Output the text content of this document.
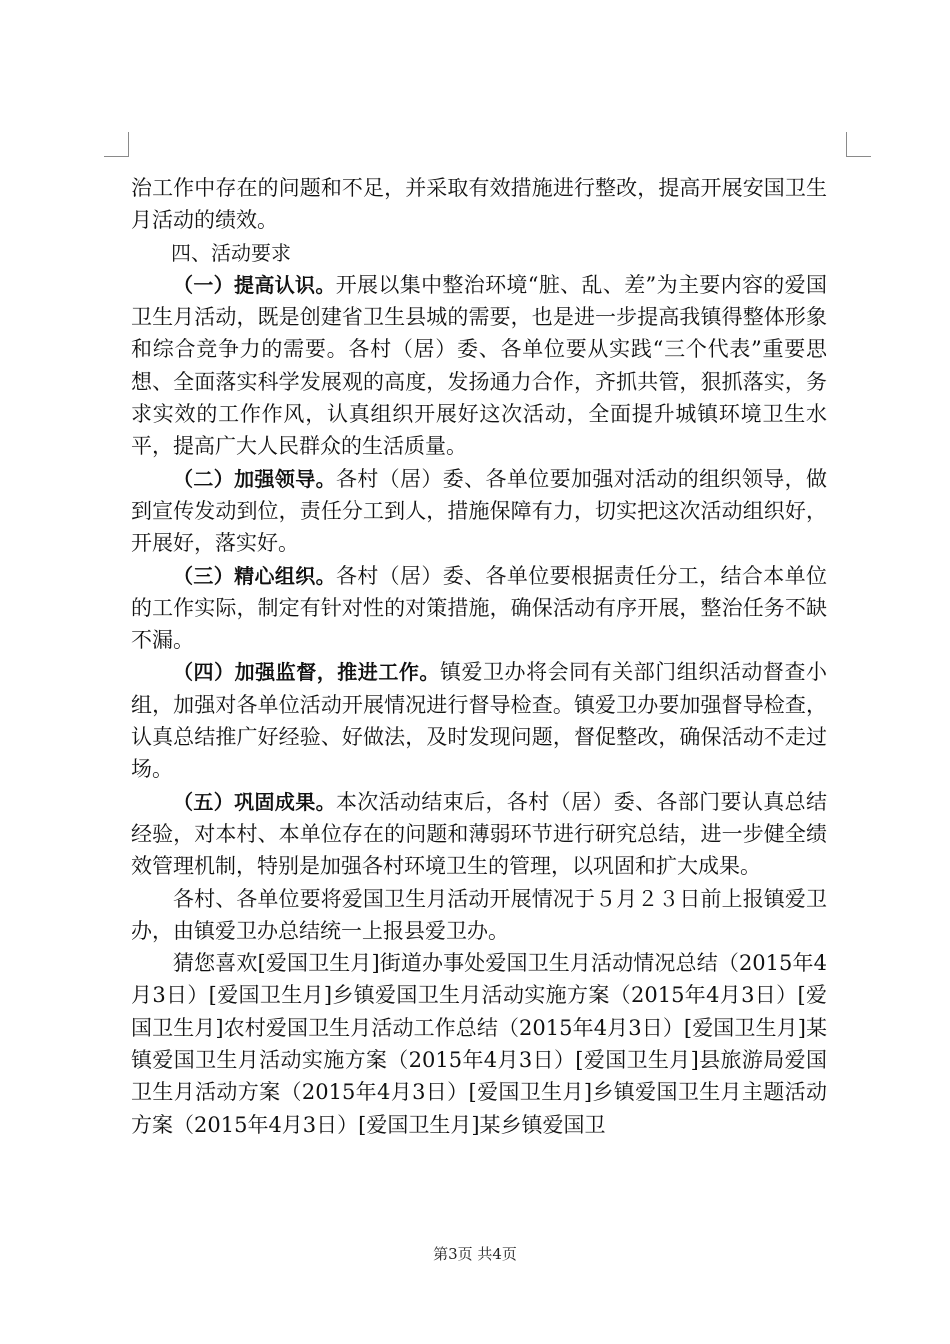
治工作中存在的问题和不足，并采取有效措施进行整改，提高开展安国卫生月活动的绩效。

四、活动要求

（一）提高认识。开展以集中整治环境“脏、乱、差”为主要内容的爱国卫生月活动，既是创建省卫生县城的需要，也是进一步提高我镇得整体形象和综合竞争力的需要。各村（居）委、各单位要从实践“三个代表”重要思想、全面落实科学发展观的高度，发扬通力合作，齐抓共管，狠抓落实，务求实效的工作作风，认真组织开展好这次活动，全面提升城镇环境卫生水平，提高广大人民群众的生活质量。

（二）加强领导。各村（居）委、各单位要加强对活动的组织领导，做到宣传发动到位，责任分工到人，措施保障有力，切实把这次活动组织好，开展好，落实好。

（三）精心组织。各村（居）委、各单位要根据责任分工，结合本单位的工作实际，制定有针对性的对策措施，确保活动有序开展，整治任务不缺不漏。

（四）加强监督，推进工作。镇爱卫办将会同有关部门组织活动督查小组，加强对各单位活动开展情况进行督导检查。镇爱卫办要加强督导检查，认真总结推广好经验、好做法，及时发现问题，督促整改，确保活动不走过场。

（五）巩固成果。本次活动结束后，各村（居）委、各部门要认真总结经验，对本村、本单位存在的问题和薄弱环节进行研究总结，进一步健全绩效管理机制，特别是加强各村环境卫生的管理，以巩固和扩大成果。

各村、各单位要将爱国卫生月活动开展情况于５月２３日前上报镇爱卫办，由镇爱卫办总结统一上报县爱卫办。

猜您喜欢[爱国卫生月]街道办事处爱国卫生月活动情况总结（2015年4月3日）[爱国卫生月]乡镇爱国卫生月活动实施方案（2015年4月3日）[爱国卫生月]农村爱国卫生月活动工作总结（2015年4月3日）[爱国卫生月]某镇爱国卫生月活动实施方案（2015年4月3日）[爱国卫生月]县旅游局爱国卫生月活动方案（2015年4月3日）[爱国卫生月]乡镇爱国卫生月主题活动方案（2015年4月3日）[爱国卫生月]某乡镇爱国卫

第3页 共4页
